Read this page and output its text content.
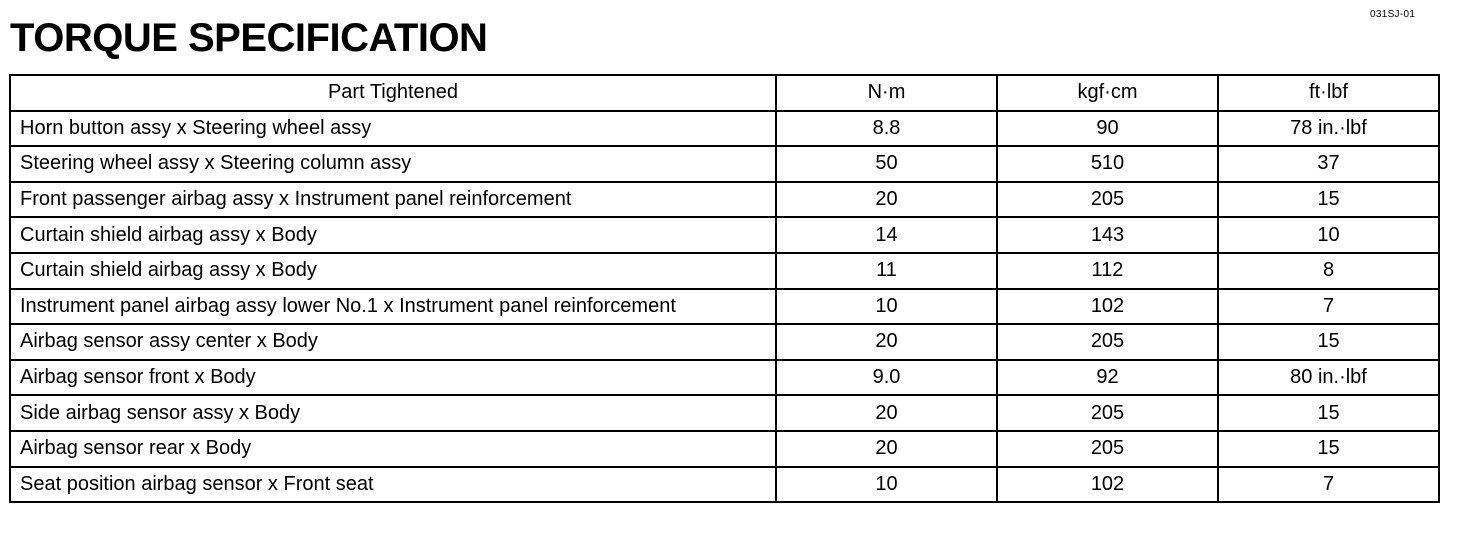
031SJ-01
TORQUE SPECIFICATION
Part Tightened	N·m	kgf·cm	ft·lbf
Horn button assy x Steering wheel assy	8.8	90	78 in.·lbf
Steering wheel assy x Steering column assy	50	510	37
Front passenger airbag assy x Instrument panel reinforcement	20	205	15
Curtain shield airbag assy x Body	14	143	10
Curtain shield airbag assy x Body	11	112	8
Instrument panel airbag assy lower No.1 x Instrument panel reinforcement	10	102	7
Airbag sensor assy center x Body	20	205	15
Airbag sensor front x Body	9.0	92	80 in.·lbf
Side airbag sensor assy x Body	20	205	15
Airbag sensor rear x Body	20	205	15
Seat position airbag sensor x Front seat	10	102	7
